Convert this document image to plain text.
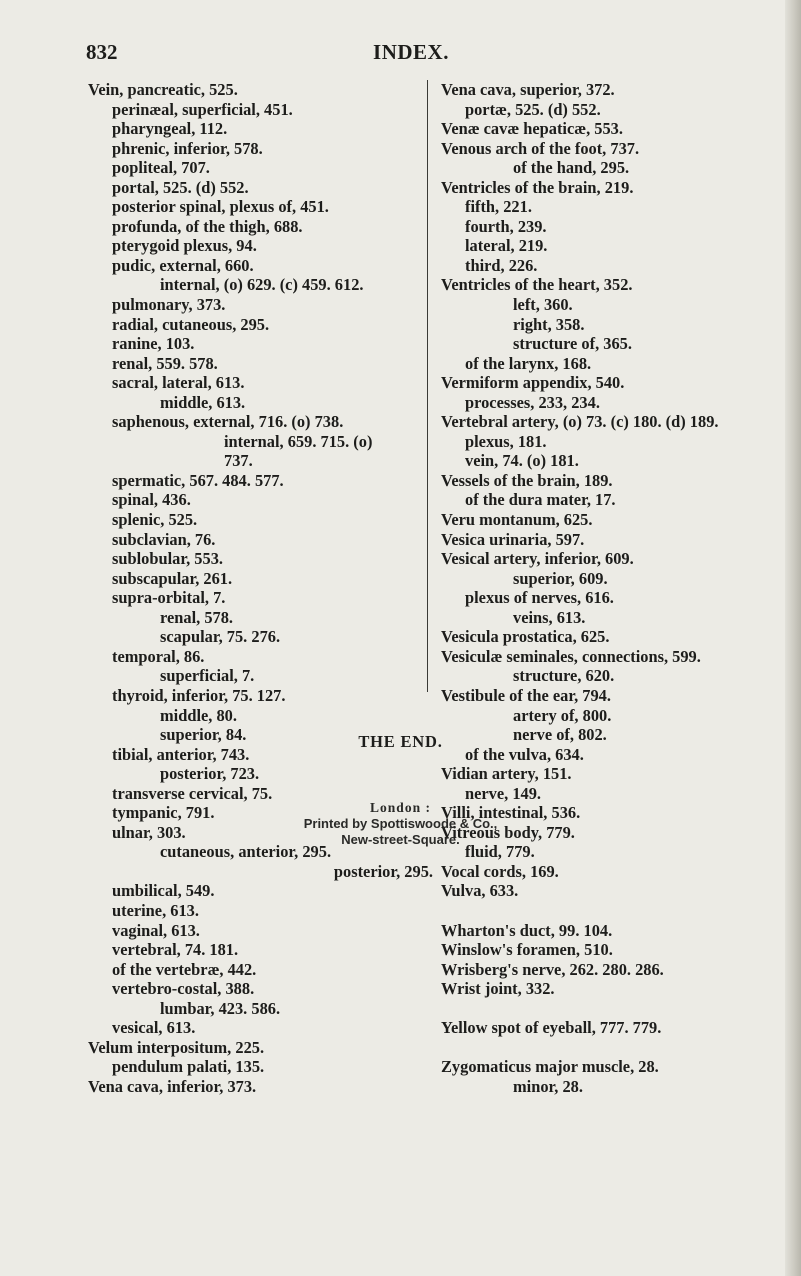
INDEX.
832
Vein, pancreatic, 525.
perinæal, superficial, 451.
pharyngeal, 112.
phrenic, inferior, 578.
popliteal, 707.
portal, 525. (d) 552.
posterior spinal, plexus of, 451.
profunda, of the thigh, 688.
pterygoid plexus, 94.
pudic, external, 660.
internal, (o) 629. (c) 459. 612.
pulmonary, 373.
radial, cutaneous, 295.
ranine, 103.
renal, 559. 578.
sacral, lateral, 613.
middle, 613.
saphenous, external, 716. (o) 738.
internal, 659. 715. (o)
737.
spermatic, 567. 484. 577.
spinal, 436.
splenic, 525.
subclavian, 76.
sublobular, 553.
subscapular, 261.
supra-orbital, 7.
renal, 578.
scapular, 75. 276.
temporal, 86.
superficial, 7.
thyroid, inferior, 75. 127.
middle, 80.
superior, 84.
tibial, anterior, 743.
posterior, 723.
transverse cervical, 75.
tympanic, 791.
ulnar, 303.
cutaneous, anterior, 295.
posterior, 295.
umbilical, 549.
uterine, 613.
vaginal, 613.
vertebral, 74. 181.
of the vertebræ, 442.
vertebro-costal, 388.
lumbar, 423. 586.
vesical, 613.
Velum interpositum, 225.
pendulum palati, 135.
Vena cava, inferior, 373.
Vena cava, superior, 372.
portæ, 525. (d) 552.
Venæ cavæ hepaticæ, 553.
Venous arch of the foot, 737.
of the hand, 295.
Ventricles of the brain, 219.
fifth, 221.
fourth, 239.
lateral, 219.
third, 226.
Ventricles of the heart, 352.
left, 360.
right, 358.
structure of, 365.
of the larynx, 168.
Vermiform appendix, 540.
processes, 233, 234.
Vertebral artery, (o) 73. (c) 180. (d) 189.
plexus, 181.
vein, 74. (o) 181.
Vessels of the brain, 189.
of the dura mater, 17.
Veru montanum, 625.
Vesica urinaria, 597.
Vesical artery, inferior, 609.
superior, 609.
plexus of nerves, 616.
veins, 613.
Vesicula prostatica, 625.
Vesiculæ seminales, connections, 599.
structure, 620.
Vestibule of the ear, 794.
artery of, 800.
nerve of, 802.
of the vulva, 634.
Vidian artery, 151.
nerve, 149.
Villi, intestinal, 536.
Vitreous body, 779.
fluid, 779.
Vocal cords, 169.
Vulva, 633.
Wharton's duct, 99. 104.
Winslow's foramen, 510.
Wrisberg's nerve, 262. 280. 286.
Wrist joint, 332.
Yellow spot of eyeball, 777. 779.
Zygomaticus major muscle, 28.
minor, 28.
THE END.
London :
Printed by Spottiswoode & Co.,
New-street-Square.
